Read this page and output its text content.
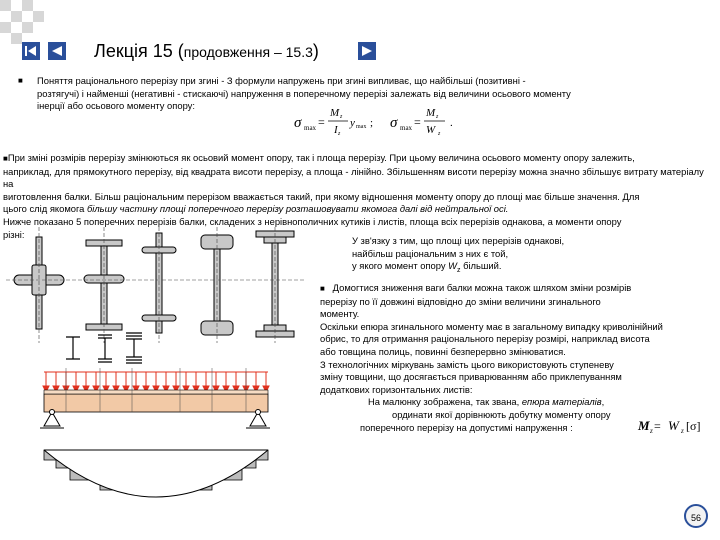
Лекція 15 (продовження – 15.3)
■ Поняття раціонального перерізу при згині - З формули напружень при згині випливає, що найбільші (позитивні -
розтягучі) і найменші (негативні - стискаючі) напруження в поперечному перерізі залежать від величини осьового моменту
інерції або осьового моменту опору:
σ max =
M z
I z
y max ; σ max =
M z
W z
.
■При зміні розмірів перерізу змінюються як осьовий момент опору, так і площа перерізу. При цьому величина осьового моменту опору залежить,
наприклад, для прямокутного перерізу, від квадрата висоти перерізу, а площа - лінійно. Збільшенням висоти перерізу можна значно збільшує витрату матеріалу на
виготовлення балки. Більш раціональним перерізом вважається такий, при якому відношення моменту опору до площі має більше значення. Для
цього слід якомога більшу частину площі поперечного перерізу розташовувати якомога далі від нейтральної осі.
Нижче показано 5 поперечних перерізів балки, складених з нерівнополичних кутиків і листів, площа всіх перерізів однакова, а моменти опору
різні:
У зв'язку з тим, що площі цих перерізів однакові,
найбільш раціональним з них є той,
у якого момент опору $W_z$ більший.
■ Домогтися зниження ваги балки можна також шляхом зміни розмірів
перерізу по її довжині відповідно до зміни величини згинального
моменту.
Оскільки епюра згинального моменту має в загальному випадку криволінійний
обрис, то для отримання раціонального перерізу розмірі, наприклад висота
або товщина полиць, повинні безперервно змінюватися.
З технологічних міркувань замість цього використовують ступеневу
зміну товщини, що досягається приварюванням або приклепуванням
додаткових горизонтальних листів:
На малюнку зображена, так звана, епюра матеріалів,
ординати якої дорівнюють добутку моменту опору
поперечного перерізу на допустимі напруження :	M z = W z [σ]
56
